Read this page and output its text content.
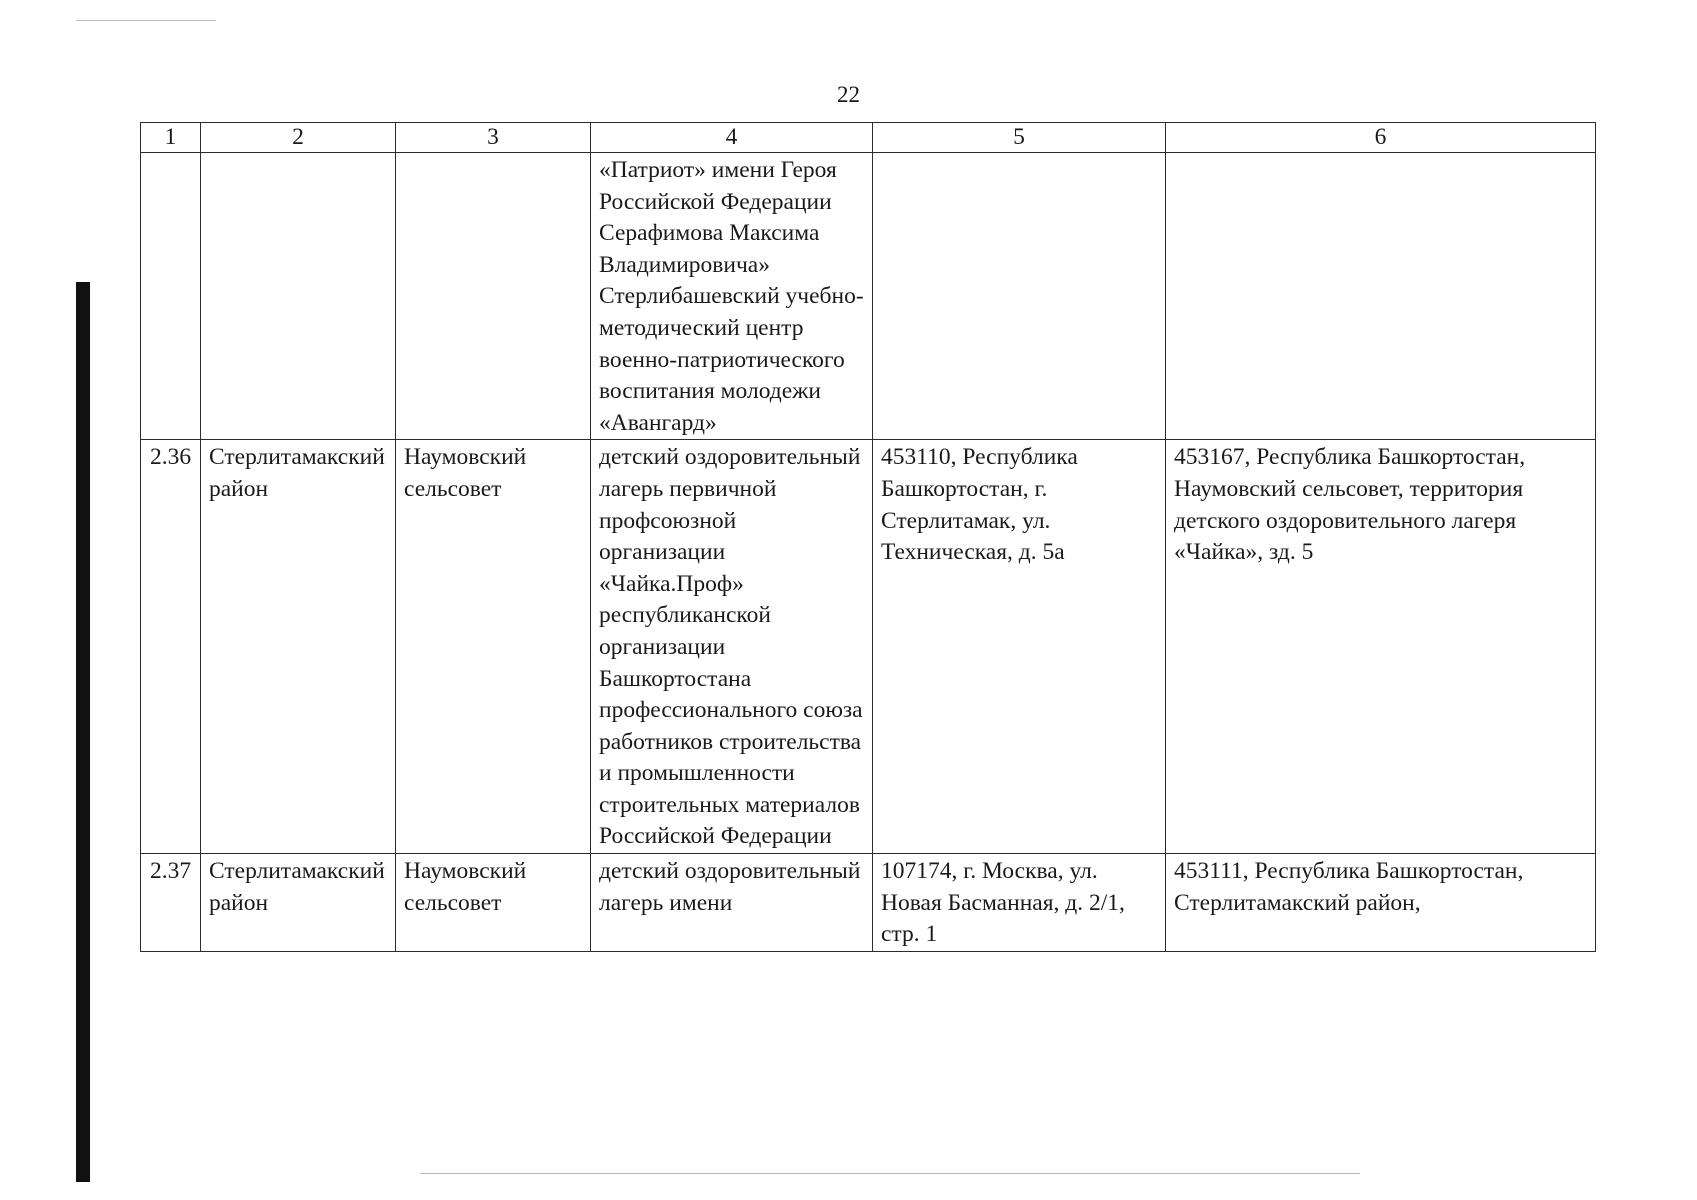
22
1	2	3	4	5	6
			«Патриот» имени Героя Российской Федерации Серафимова Максима Владимировича» Стерлибашевский учебно-методический центр военно-патриотического воспитания молодежи «Авангард»		
2.36	Стерлитамакский район	Наумовский сельсовет	детский оздоровительный лагерь первичной профсоюзной организации «Чайка.Проф» республиканской организации Башкортостана профессионального союза работников строительства и промышленности строительных материалов Российской Федерации	453110, Республика Башкортостан, г. Стерлитамак, ул. Техническая, д. 5а	453167, Республика Башкортостан, Наумовский сельсовет, территория детского оздоровительного лагеря «Чайка», зд. 5
2.37	Стерлитамакский район	Наумовский сельсовет	детский оздоровительный лагерь имени	107174, г. Москва, ул. Новая Басманная, д. 2/1, стр. 1	453111, Республика Башкортостан, Стерлитамакский район,
